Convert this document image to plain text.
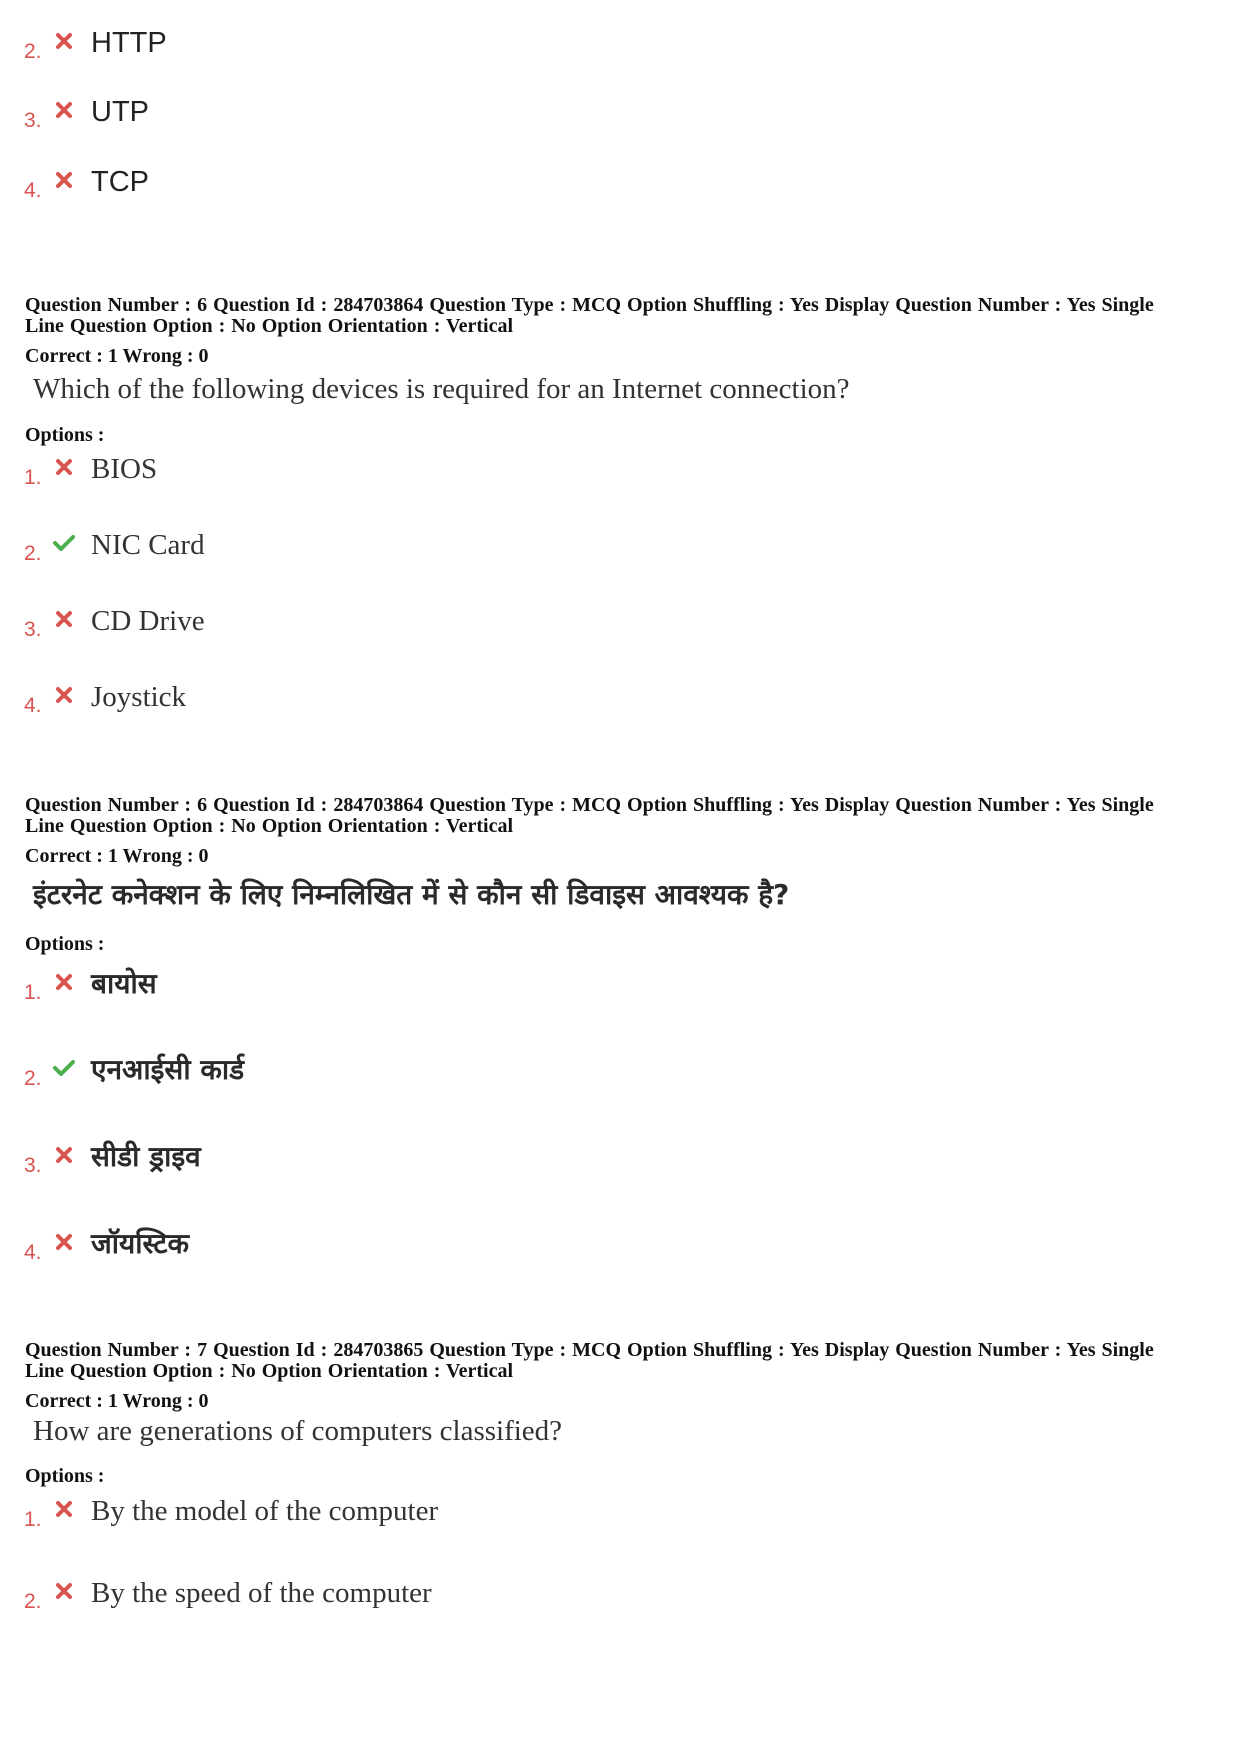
2. HTTP
3. UTP
4. TCP
Question Number : 6 Question Id : 284703864 Question Type : MCQ Option Shuffling : Yes Display Question Number : Yes Single
Line Question Option : No Option Orientation : Vertical
Correct : 1 Wrong : 0
Which of the following devices is required for an Internet connection?
Options :
1. BIOS
2. NIC Card
3. CD Drive
4. Joystick
Question Number : 6 Question Id : 284703864 Question Type : MCQ Option Shuffling : Yes Display Question Number : Yes Single
Line Question Option : No Option Orientation : Vertical
Correct : 1 Wrong : 0
इंटरनेट कनेक्शन के लिए निम्नलिखित में से कौन सी डिवाइस आवश्यक है?
Options :
1. बायोस
2. एनआईसी कार्ड
3. सीडी ड्राइव
4. जॉयस्टिक
Question Number : 7 Question Id : 284703865 Question Type : MCQ Option Shuffling : Yes Display Question Number : Yes Single
Line Question Option : No Option Orientation : Vertical
Correct : 1 Wrong : 0
How are generations of computers classified?
Options :
1. By the model of the computer
2. By the speed of the computer
